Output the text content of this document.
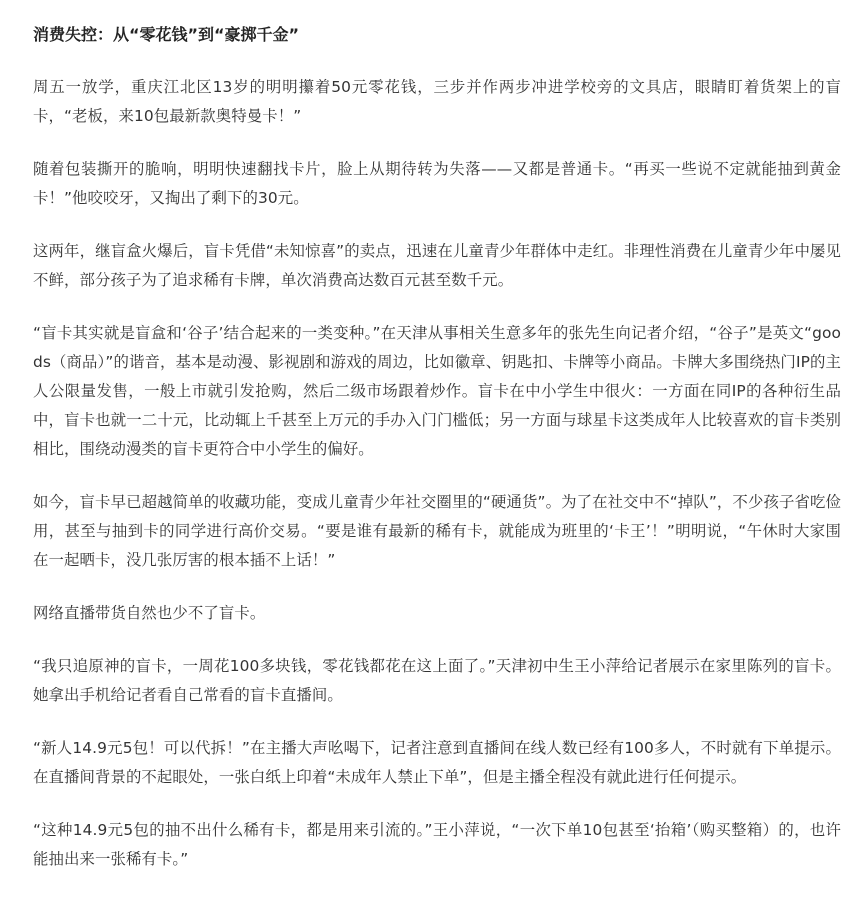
消费失控：从“零花钱”到“豪掷千金”

周五一放学，重庆江北区13岁的明明攥着50元零花钱，三步并作两步冲进学校旁的文具店，眼睛盯着货架上的盲卡，“老板，来10包最新款奥特曼卡！”

随着包装撕开的脆响，明明快速翻找卡片，脸上从期待转为失落——又都是普通卡。“再买一些说不定就能抽到黄金卡！”他咬咬牙，又掏出了剩下的30元。

这两年，继盲盒火爆后，盲卡凭借“未知惊喜”的卖点，迅速在儿童青少年群体中走红。非理性消费在儿童青少年中屡见不鲜，部分孩子为了追求稀有卡牌，单次消费高达数百元甚至数千元。

“盲卡其实就是盲盒和‘谷子’结合起来的一类变种。”在天津从事相关生意多年的张先生向记者介绍，“谷子”是英文“goods（商品）”的谐音，基本是动漫、影视剧和游戏的周边，比如徽章、钥匙扣、卡牌等小商品。卡牌大多围绕热门IP的主人公限量发售，一般上市就引发抢购，然后二级市场跟着炒作。盲卡在中小学生中很火：一方面在同IP的各种衍生品中，盲卡也就一二十元，比动辄上千甚至上万元的手办入门门槛低；另一方面与球星卡这类成年人比较喜欢的盲卡类别相比，围绕动漫类的盲卡更符合中小学生的偏好。

如今，盲卡早已超越简单的收藏功能，变成儿童青少年社交圈里的“硬通货”。为了在社交中不“掉队”，不少孩子省吃俭用，甚至与抽到卡的同学进行高价交易。“要是谁有最新的稀有卡，就能成为班里的‘卡王’！”明明说，“午休时大家围在一起晒卡，没几张厉害的根本插不上话！”

网络直播带货自然也少不了盲卡。

“我只追原神的盲卡，一周花100多块钱，零花钱都花在这上面了。”天津初中生王小萍给记者展示在家里陈列的盲卡。她拿出手机给记者看自己常看的盲卡直播间。

“新人14.9元5包！可以代拆！”在主播大声吆喝下，记者注意到直播间在线人数已经有100多人，不时就有下单提示。在直播间背景的不起眼处，一张白纸上印着“未成年人禁止下单”，但是主播全程没有就此进行任何提示。

“这种14.9元5包的抽不出什么稀有卡，都是用来引流的。”王小萍说，“一次下单10包甚至‘抬箱’（购买整箱）的，也许能抽出来一张稀有卡。”
